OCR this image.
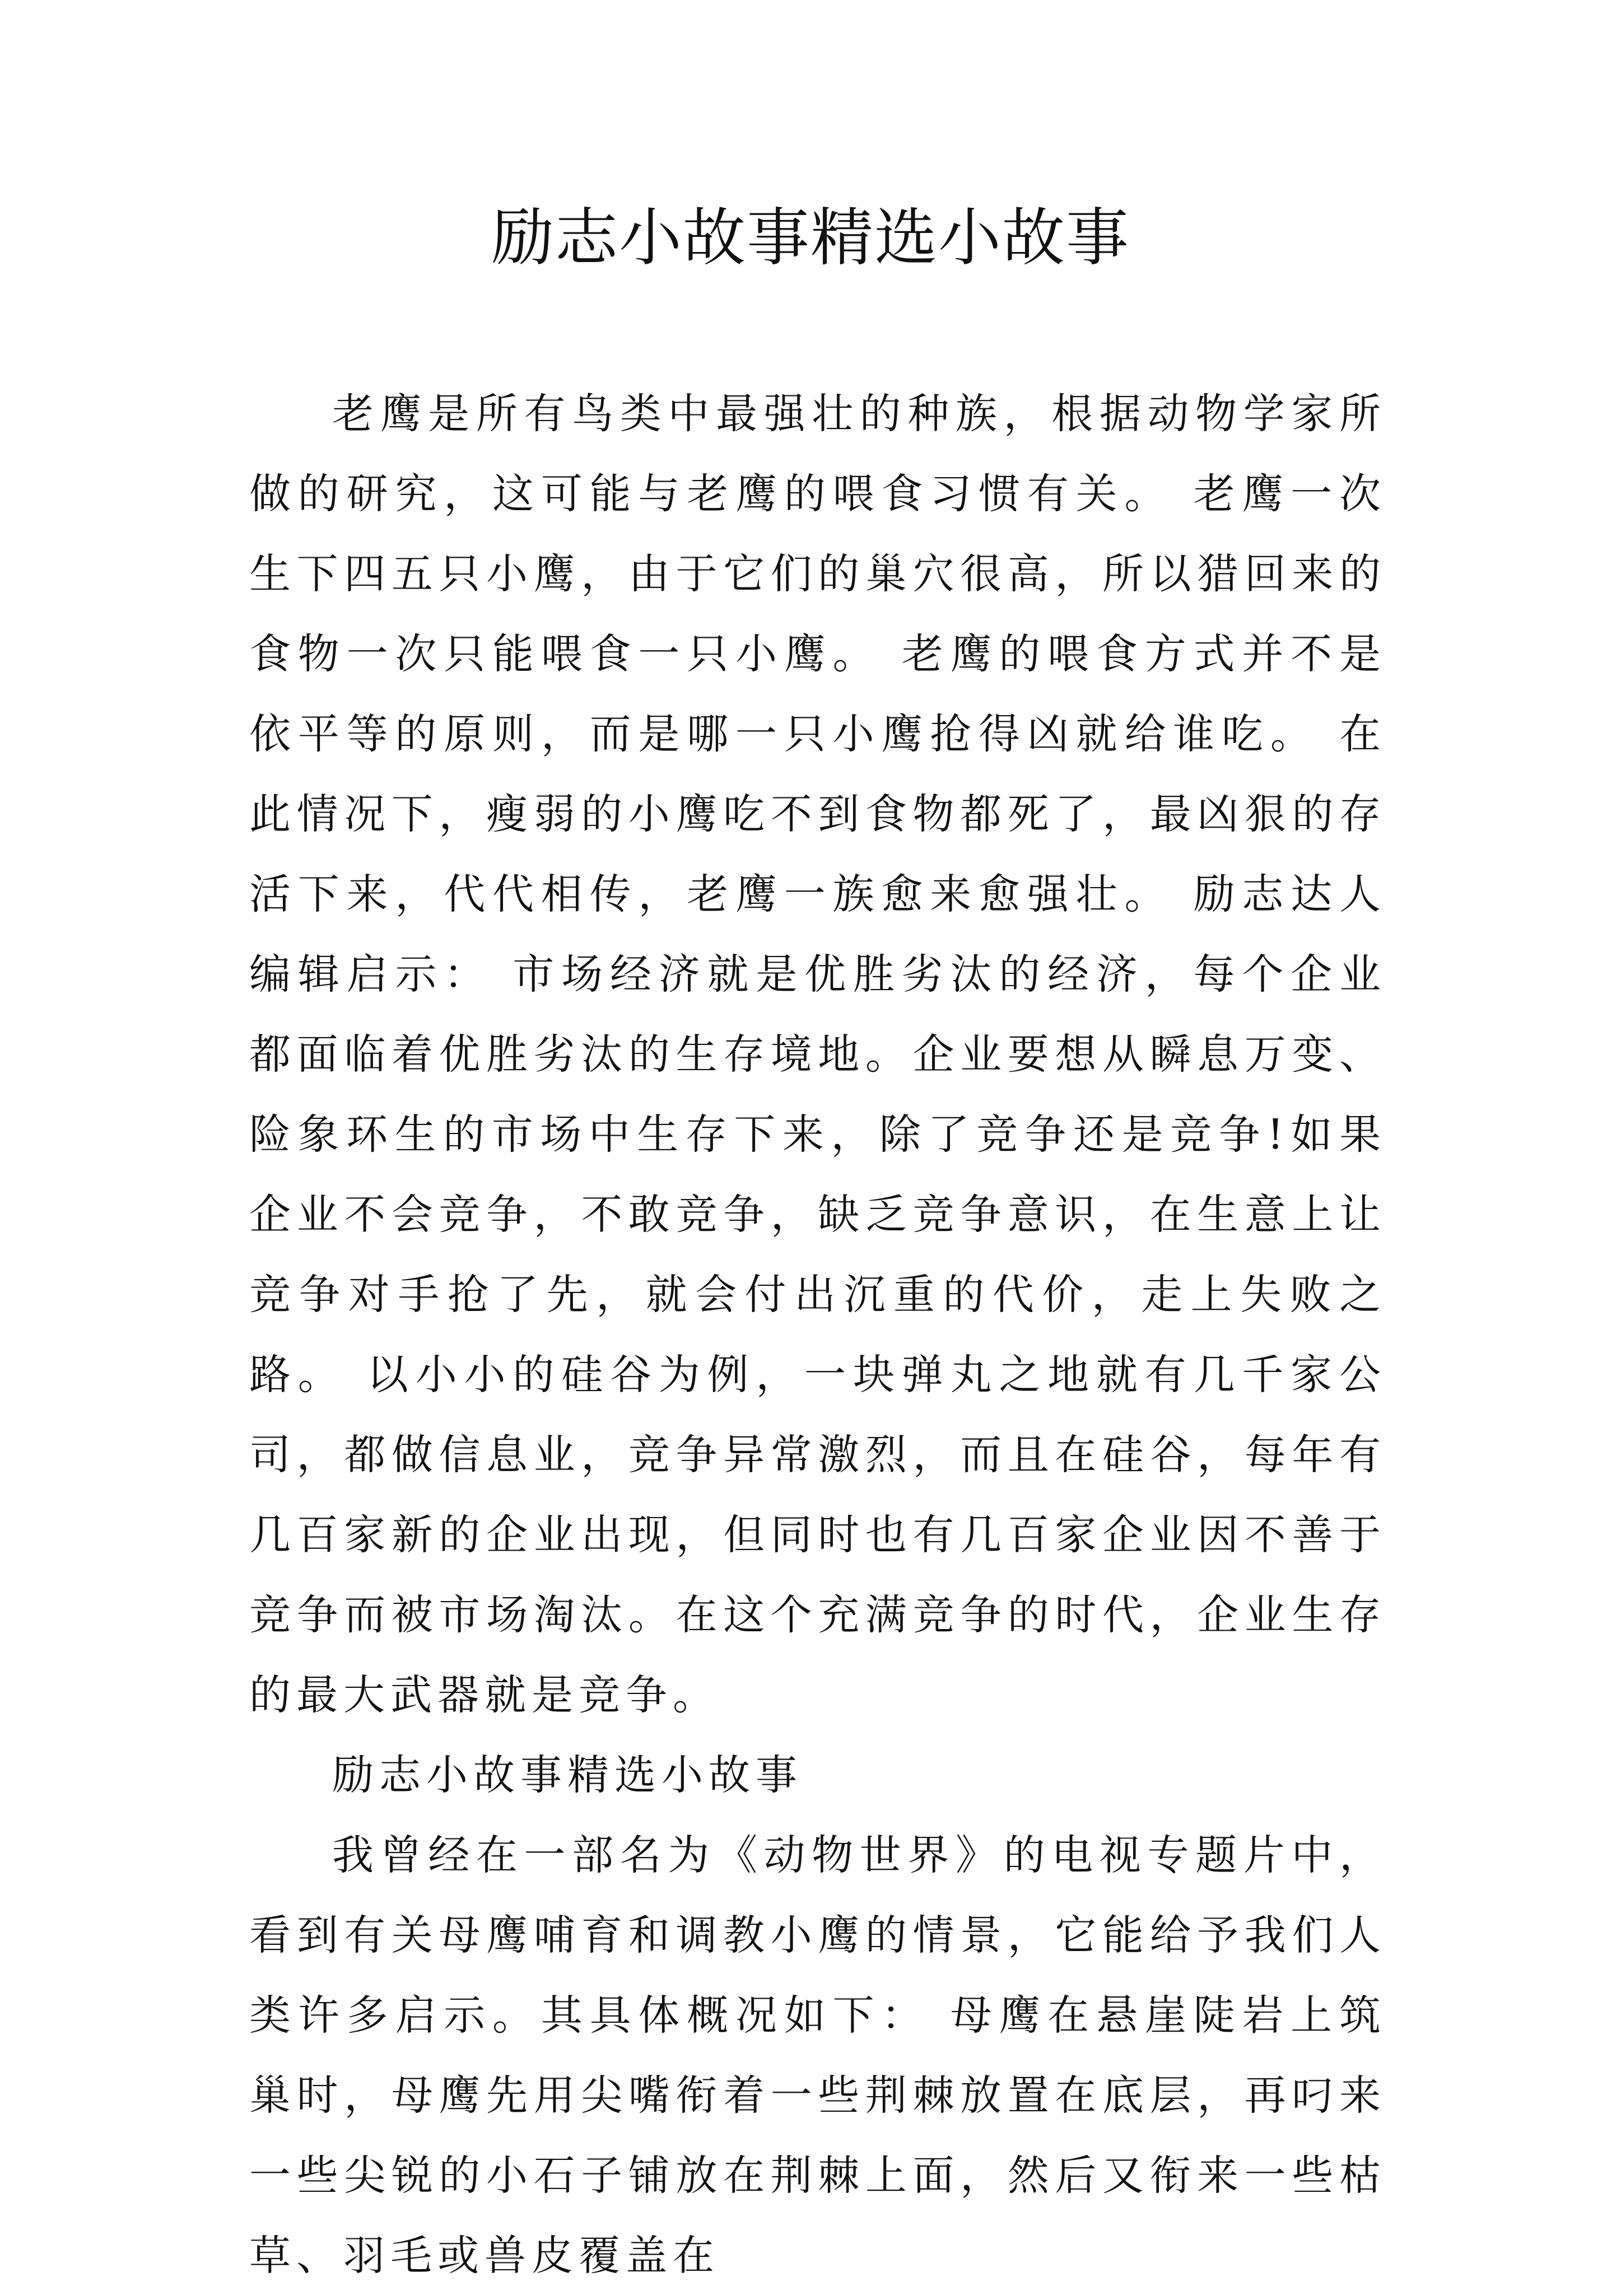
励志小故事精选小故事

老鹰是所有鸟类中最强壮的种族，根据动物学家所做的研究，这可能与老鹰的喂食习惯有关。 老鹰一次生下四五只小鹰，由于它们的巢穴很高，所以猎回来的食物一次只能喂食一只小鹰。 老鹰的喂食方式并不是依平等的原则，而是哪一只小鹰抢得凶就给谁吃。 在此情况下，瘦弱的小鹰吃不到食物都死了，最凶狠的存活下来，代代相传，老鹰一族愈来愈强壮。 励志达人编辑启示： 市场经济就是优胜劣汰的经济，每个企业都面临着优胜劣汰的生存境地。企业要想从瞬息万变、险象环生的市场中生存下来，除了竞争还是竞争!如果企业不会竞争，不敢竞争，缺乏竞争意识，在生意上让竞争对手抢了先，就会付出沉重的代价，走上失败之路。 以小小的硅谷为例，一块弹丸之地就有几千家公司，都做信息业，竞争异常激烈，而且在硅谷，每年有几百家新的企业出现，但同时也有几百家企业因不善于竞争而被市场淘汰。在这个充满竞争的时代，企业生存的最大武器就是竞争。

励志小故事精选小故事

我曾经在一部名为《动物世界》的电视专题片中，看到有关母鹰哺育和调教小鹰的情景，它能给予我们人类许多启示。其具体概况如下： 母鹰在悬崖陡岩上筑巢时，母鹰先用尖嘴衔着一些荆棘放置在底层，再叼来一些尖锐的小石子铺放在荆棘上面，然后又衔来一些枯草、羽毛或兽皮覆盖在
